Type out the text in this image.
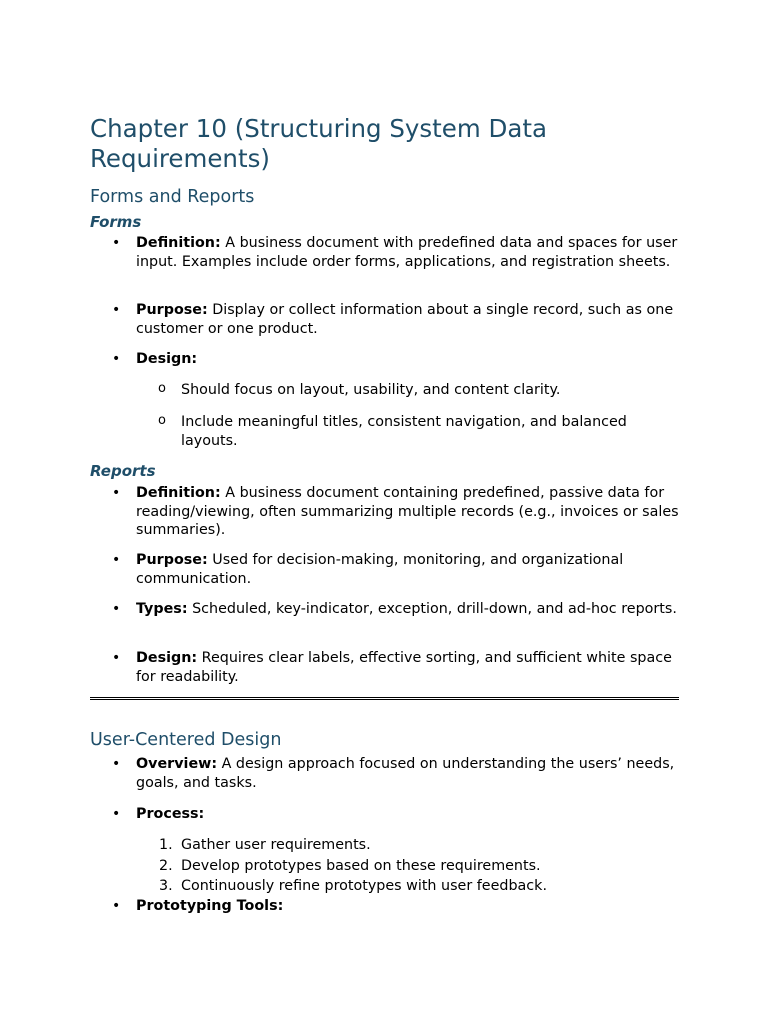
Chapter 10 (Structuring System Data Requirements)
Forms and Reports
Forms

• Definition: A business document with predefined data and spaces for user input. Examples include order forms, applications, and registration sheets.

• Purpose: Display or collect information about a single record, such as one customer or one product.

• Design:

o Should focus on layout, usability, and content clarity.

o Include meaningful titles, consistent navigation, and balanced layouts.

Reports

• Definition: A business document containing predefined, passive data for reading/viewing, often summarizing multiple records (e.g., invoices or sales summaries).

• Purpose: Used for decision-making, monitoring, and organizational communication.

• Types: Scheduled, key-indicator, exception, drill-down, and ad-hoc reports.

• Design: Requires clear labels, effective sorting, and sufficient white space for readability.

User-Centered Design

• Overview: A design approach focused on understanding the users’ needs, goals, and tasks.

• Process:

1. Gather user requirements.

2. Develop prototypes based on these requirements.

3. Continuously refine prototypes with user feedback.

• Prototyping Tools:
